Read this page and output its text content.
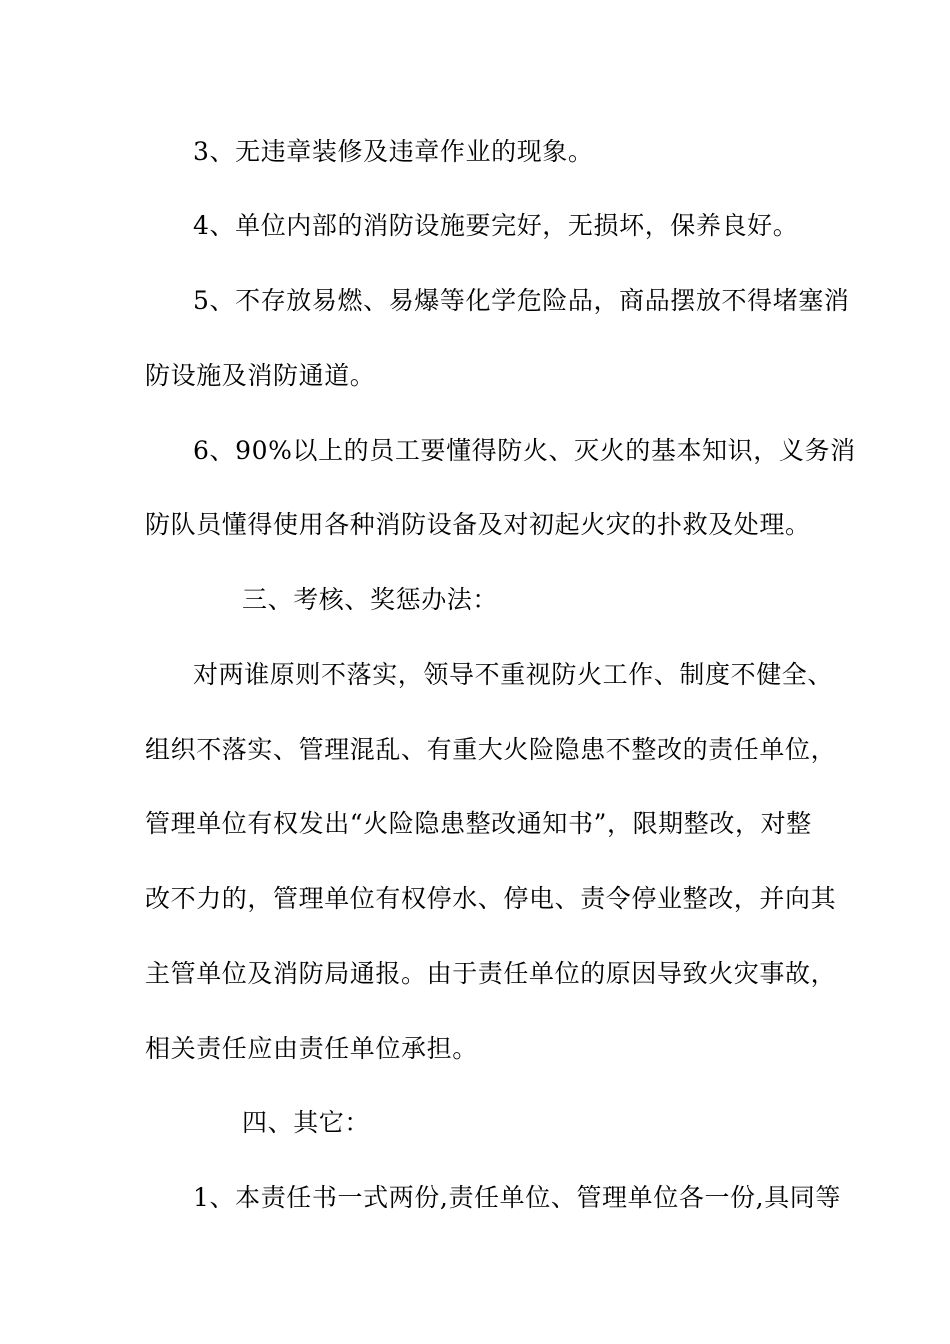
3、无违章装修及违章作业的现象。
4、单位内部的消防设施要完好，无损坏，保养良好。
5、不存放易燃、易爆等化学危险品，商品摆放不得堵塞消
防设施及消防通道。
6、90%以上的员工要懂得防火、灭火的基本知识，义务消
防队员懂得使用各种消防设备及对初起火灾的扑救及处理。
三、考核、奖惩办法：
对两谁原则不落实，领导不重视防火工作、制度不健全、
组织不落实、管理混乱、有重大火险隐患不整改的责任单位，
管理单位有权发出“火险隐患整改通知书”，限期整改，对整
改不力的，管理单位有权停水、停电、责令停业整改，并向其
主管单位及消防局通报。由于责任单位的原因导致火灾事故，
相关责任应由责任单位承担。
四、其它：
1、本责任书一式两份,责任单位、管理单位各一份,具同等
